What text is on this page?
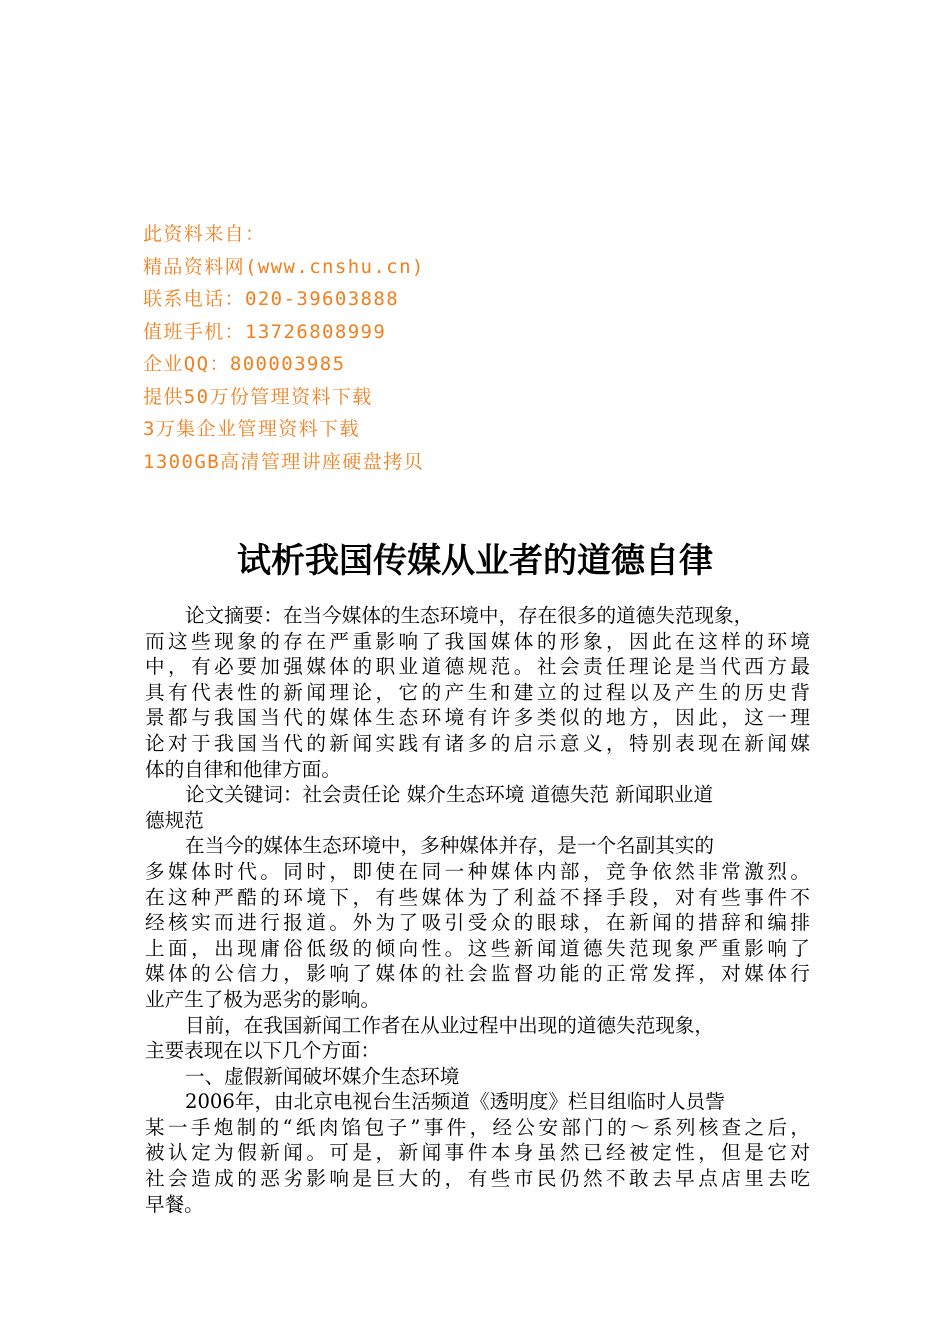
此资料来自：
精品资料网(www.cnshu.cn)
联系电话：020-39603888
值班手机：13726808999
企业QQ：800003985
提供50万份管理资料下载
3万集企业管理资料下载
1300GB高清管理讲座硬盘拷贝
试析我国传媒从业者的道德自律
论文摘要：在当今媒体的生态环境中，存在很多的道德失范现象，
而这些现象的存在严重影响了我国媒体的形象，因此在这样的环境
中，有必要加强媒体的职业道德规范。社会责任理论是当代西方最
具有代表性的新闻理论，它的产生和建立的过程以及产生的历史背
景都与我国当代的媒体生态环境有许多类似的地方，因此，这一理
论对于我国当代的新闻实践有诸多的启示意义，特别表现在新闻媒
体的自律和他律方面。
论文关键词：社会责任论 媒介生态环境 道德失范 新闻职业道
德规范
在当今的媒体生态环境中，多种媒体并存，是一个名副其实的
多媒体时代。同时，即使在同一种媒体内部，竞争依然非常激烈。
在这种严酷的环境下，有些媒体为了利益不择手段，对有些事件不
经核实而进行报道。外为了吸引受众的眼球，在新闻的措辞和编排
上面，出现庸俗低级的倾向性。这些新闻道德失范现象严重影响了
媒体的公信力，影响了媒体的社会监督功能的正常发挥，对媒体行
业产生了极为恶劣的影响。
目前，在我国新闻工作者在从业过程中出现的道德失范现象，
主要表现在以下几个方面：
一、虚假新闻破坏媒介生态环境
2006年，由北京电视台生活频道《透明度》栏目组临时人员訾
某一手炮制的“纸肉馅包子”事件，经公安部门的～系列核查之后，
被认定为假新闻。可是，新闻事件本身虽然已经被定性，但是它对
社会造成的恶劣影响是巨大的，有些市民仍然不敢去早点店里去吃
早餐。
